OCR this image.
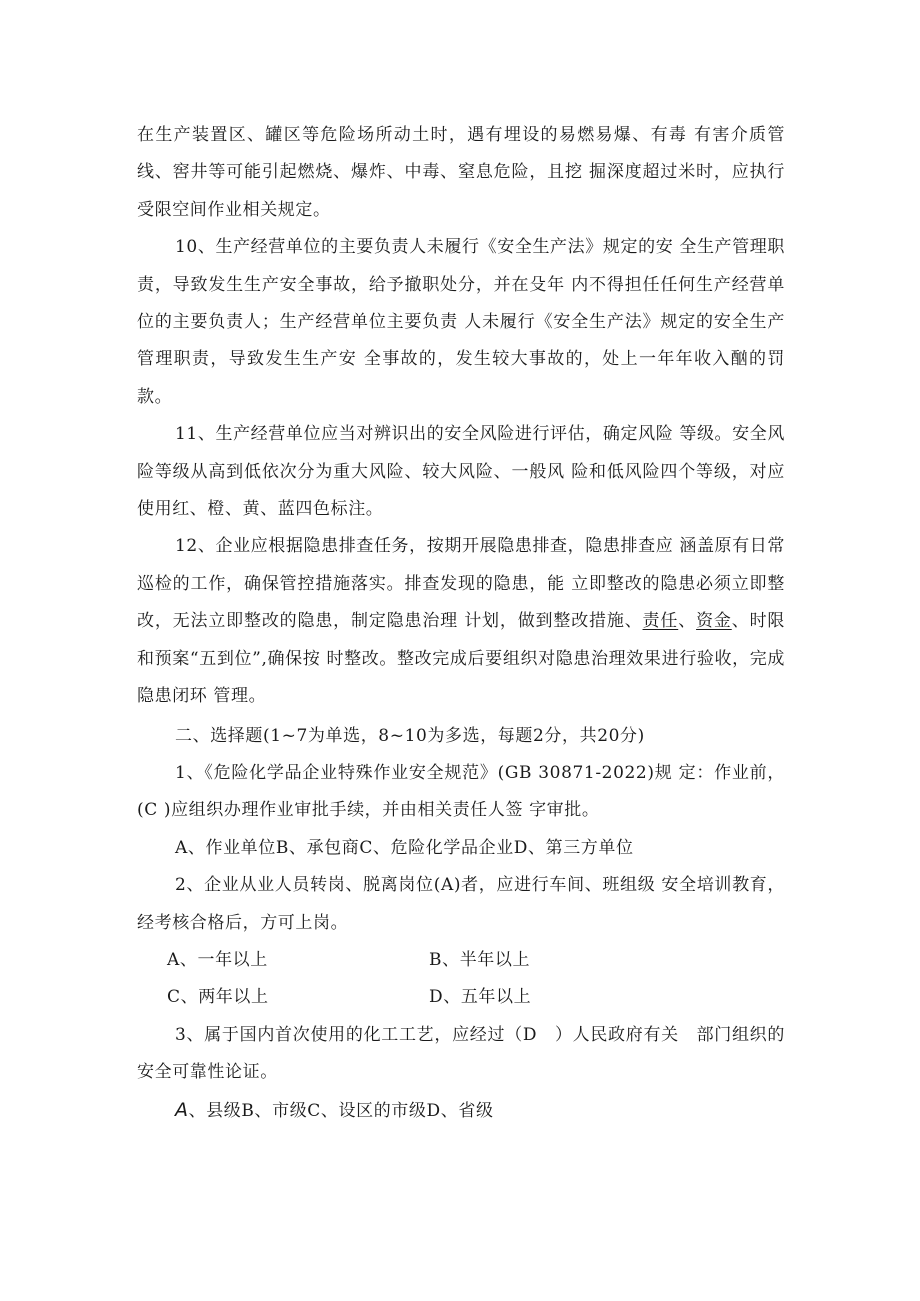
在生产装置区、罐区等危险场所动土时，遇有埋设的易燃易爆、有毒 有害介质管线、窖井等可能引起燃烧、爆炸、中毒、窒息危险，且挖 掘深度超过米时，应执行受限空间作业相关规定。

10、生产经营单位的主要负责人未履行《安全生产法》规定的安 全生产管理职责，导致发生生产安全事故，给予撤职处分，并在殳年 内不得担任任何生产经营单位的主要负责人；生产经营单位主要负责 人未履行《安全生产法》规定的安全生产管理职责，导致发生生产安 全事故的，发生较大事故的，处上一年年收入酗的罚款。

11、生产经营单位应当对辨识出的安全风险进行评估，确定风险 等级。安全风险等级从高到低依次分为重大风险、较大风险、一般风 险和低风险四个等级，对应使用红、橙、黄、蓝四色标注。

12、企业应根据隐患排查任务，按期开展隐患排查，隐患排查应 涵盖原有日常巡检的工作，确保管控措施落实。排查发现的隐患，能 立即整改的隐患必须立即整改，无法立即整改的隐患，制定隐患治理 计划，做到整改措施、责任、资金、时限和预案“五到位”,确保按 时整改。整改完成后要组织对隐患治理效果进行验收，完成隐患闭环 管理。

二、选择题(1~7为单选，8~10为多选，每题2分，共20分)

1、《危险化学品企业特殊作业安全规范》(GB 30871-2022)规 定：作业前，(C )应组织办理作业审批手续，并由相关责任人签 字审批。

A、作业单位B、承包商C、危险化学品企业D、第三方单位

2、企业从业人员转岗、脱离岗位(A)者，应进行车间、班组级 安全培训教育，经考核合格后，方可上岗。

A、一年以上	B、半年以上
C、两年以上	D、五年以上

3、属于国内首次使用的化工工艺，应经过（D　）人民政府有关　部门组织的安全可靠性论证。

A、县级B、市级C、设区的市级D、省级
